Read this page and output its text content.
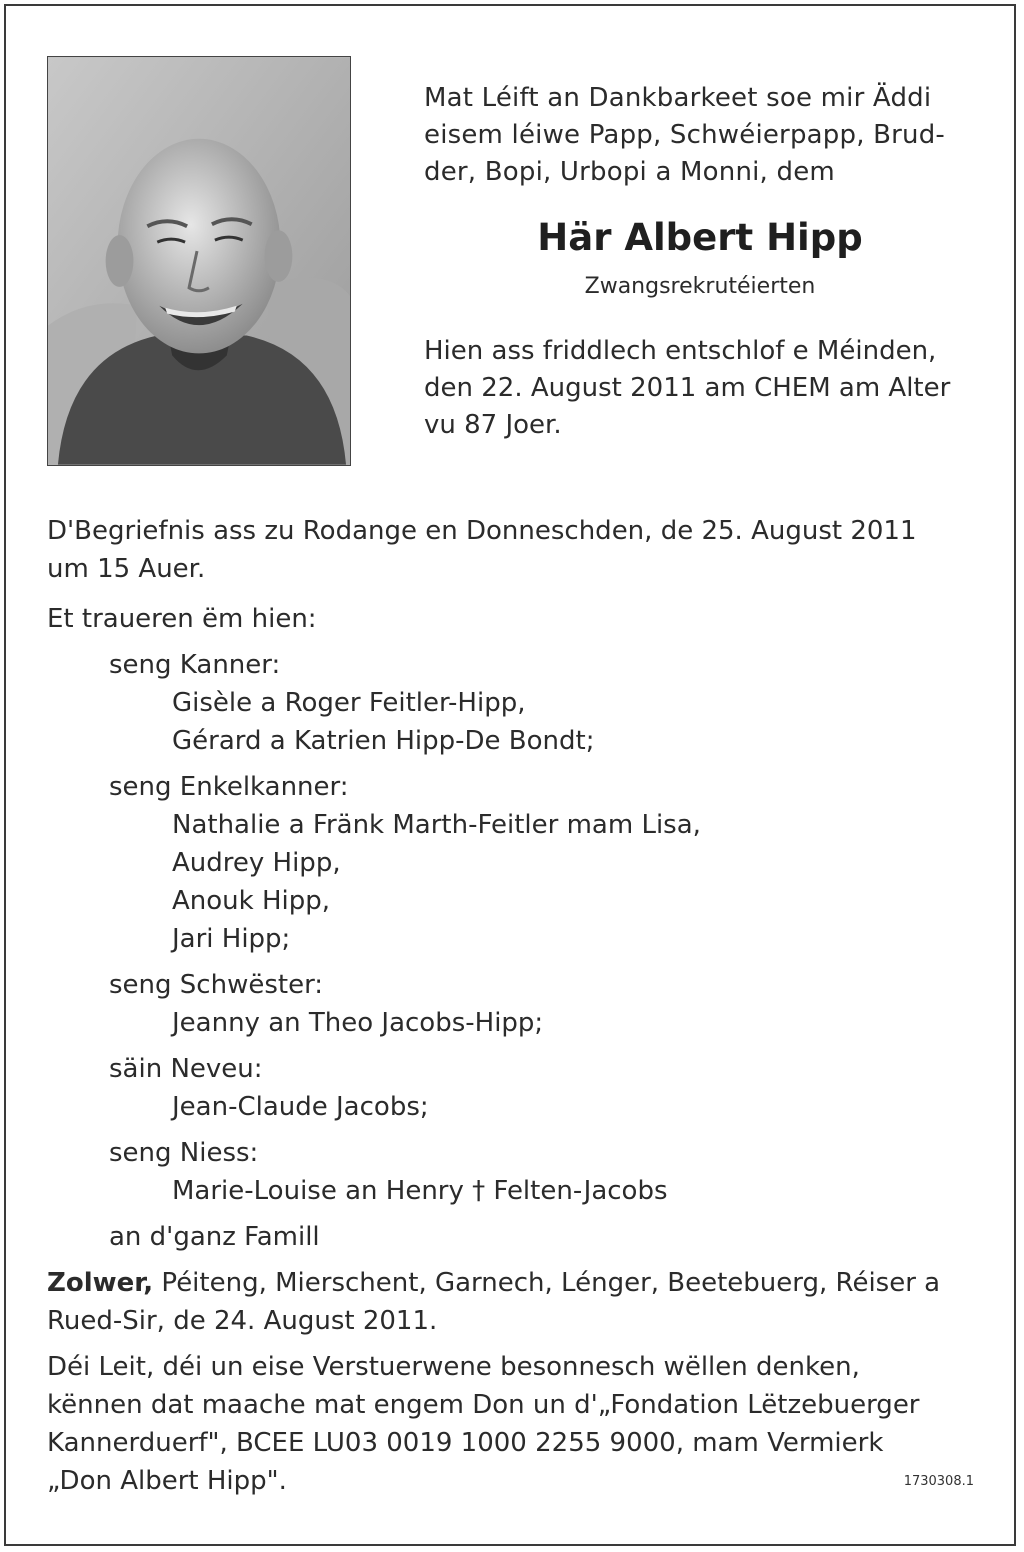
Mat Léift an Dankbarkeet soe mir Äddi
eisem léiwe Papp, Schwéierpapp, Brud-
der, Bopi, Urbopi a Monni, dem
Här Albert Hipp
Zwangsrekrutéierten
Hien ass friddlech entschlof e Méinden,
den 22. August 2011 am CHEM am Alter
vu 87 Joer.
D'Begriefnis ass zu Rodange en Donneschden, de 25. August 2011
um 15 Auer.
Et traueren ëm hien:
seng Kanner:
Gisèle a Roger Feitler-Hipp,
Gérard a Katrien Hipp-De Bondt;
seng Enkelkanner:
Nathalie a Fränk Marth-Feitler mam Lisa,
Audrey Hipp,
Anouk Hipp,
Jari Hipp;
seng Schwëster:
Jeanny an Theo Jacobs-Hipp;
säin Neveu:
Jean-Claude Jacobs;
seng Niess:
Marie-Louise an Henry † Felten-Jacobs
an d'ganz Famill
Zolwer, Péiteng, Mierschent, Garnech, Lénger, Beetebuerg, Réiser a
Rued-Sir, de 24. August 2011.
Déi Leit, déi un eise Verstuerwene besonnesch wëllen denken,
kënnen dat maache mat engem Don un d'„Fondation Lëtzebuerger
Kannerduerf", BCEE LU03 0019 1000 2255 9000, mam Vermierk
„Don Albert Hipp".	1730308.1
